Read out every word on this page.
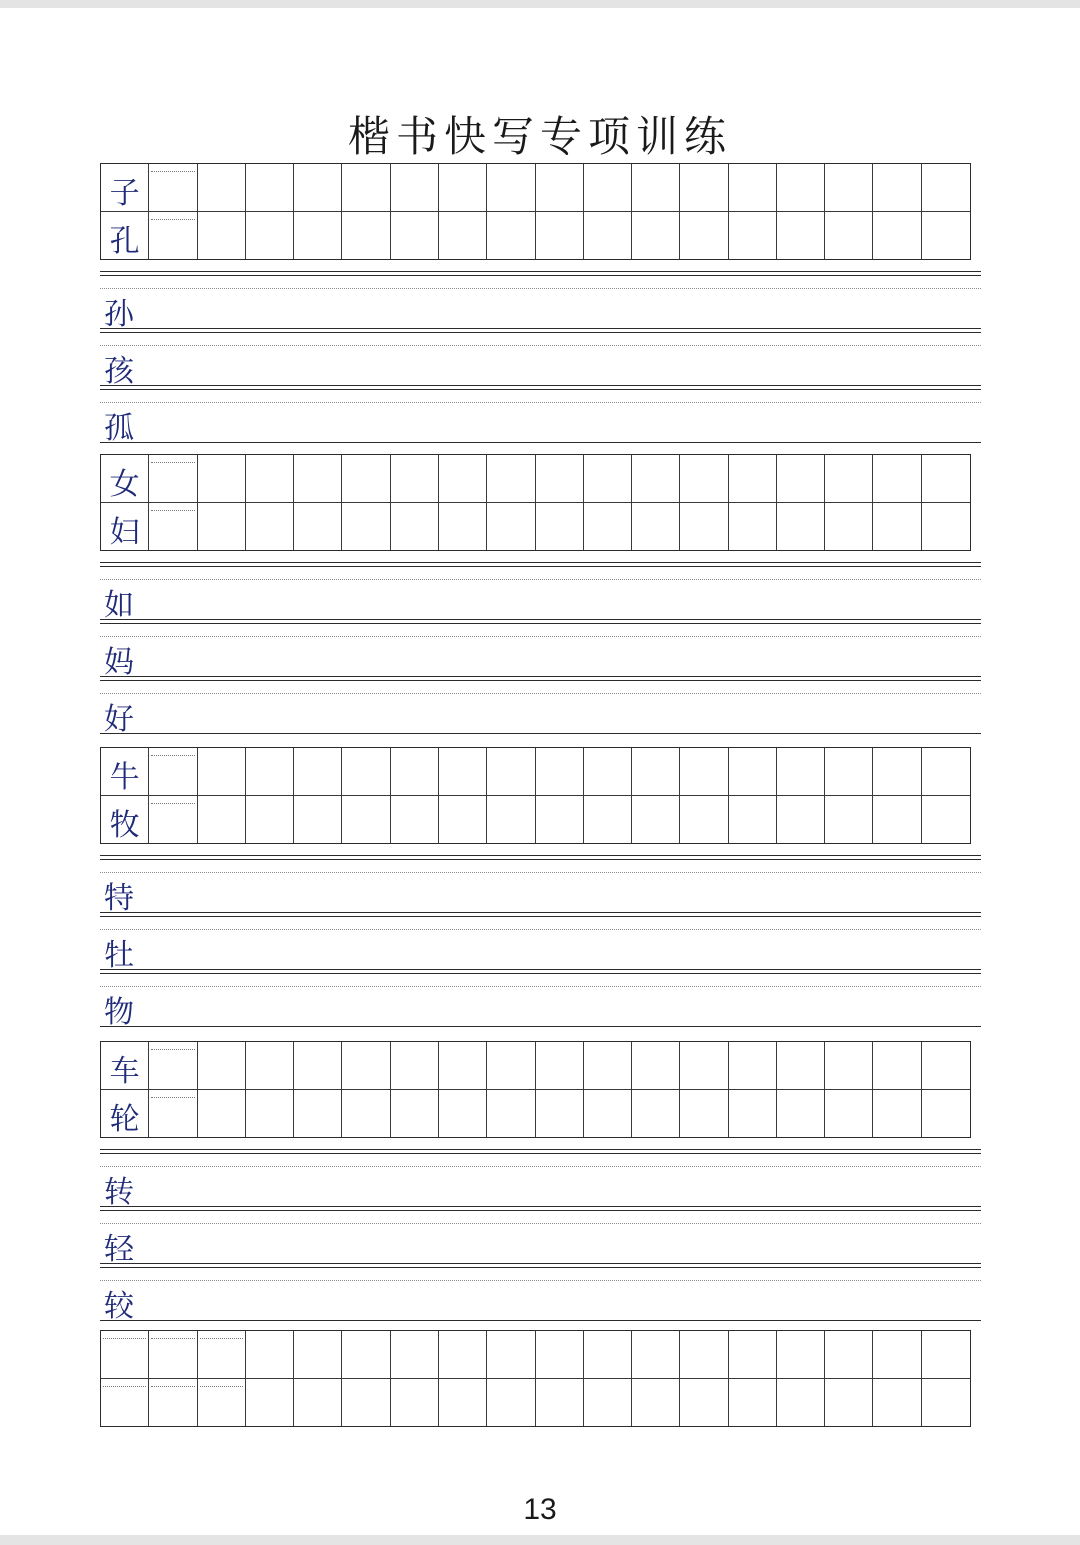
楷书快写专项训练
子
孔
孙
孩
孤
女
妇
如
妈
好
牛
牧
特
牡
物
车
轮
转
轻
较
13
